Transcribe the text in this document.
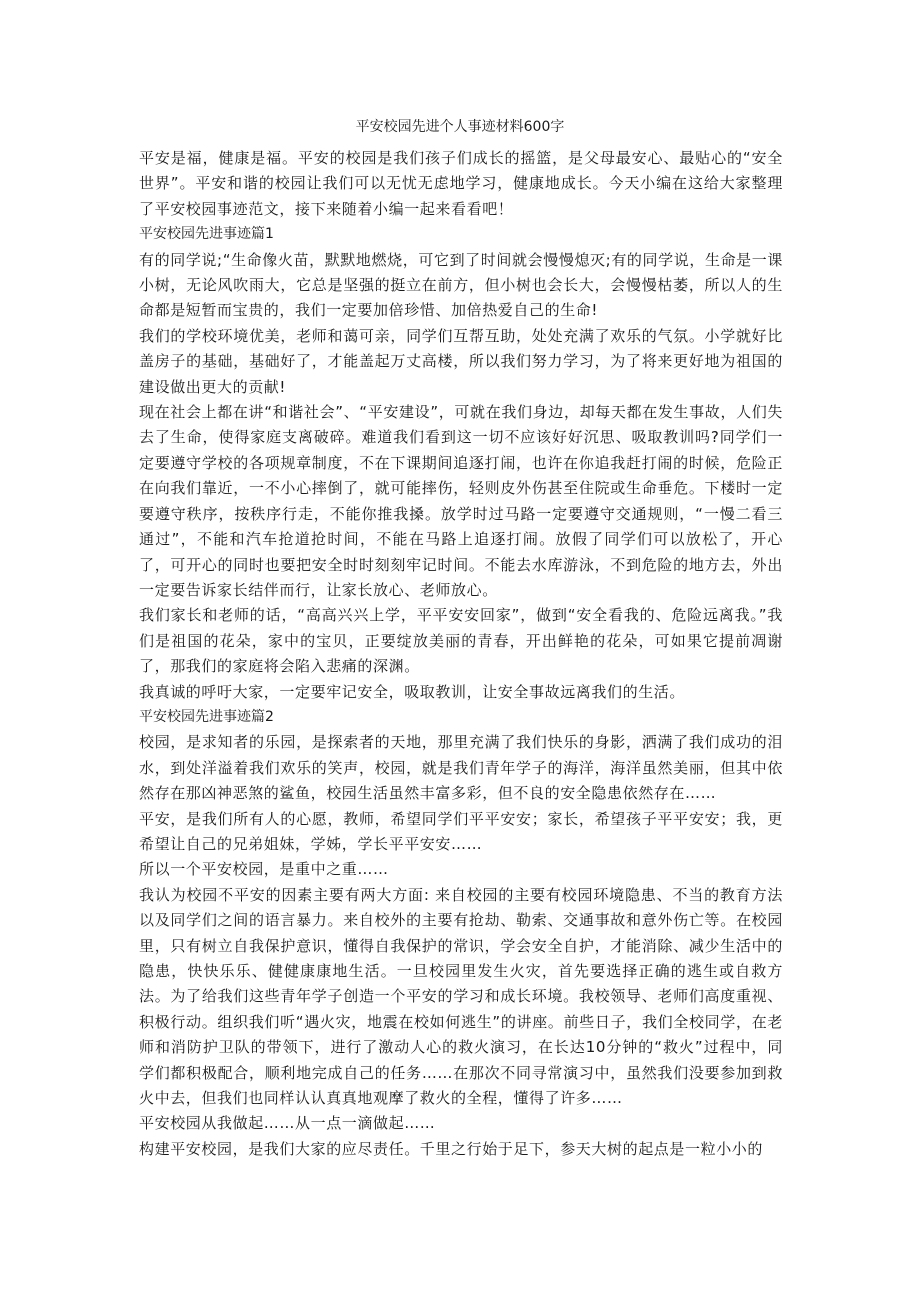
平安校园先进个人事迹材料600字

平安是福，健康是福。平安的校园是我们孩子们成长的摇篮，是父母最安心、最贴心的“安全世界”。平安和谐的校园让我们可以无忧无虑地学习，健康地成长。今天小编在这给大家整理了平安校园事迹范文，接下来随着小编一起来看看吧！

平安校园先进事迹篇1

有的同学说;“生命像火苗，默默地燃烧，可它到了时间就会慢慢熄灭;有的同学说，生命是一课小树，无论风吹雨大，它总是坚强的挺立在前方，但小树也会长大，会慢慢枯萎，所以人的生命都是短暂而宝贵的，我们一定要加倍珍惜、加倍热爱自己的生命!

我们的学校环境优美，老师和蔼可亲，同学们互帮互助，处处充满了欢乐的气氛。小学就好比盖房子的基础，基础好了，才能盖起万丈高楼，所以我们努力学习，为了将来更好地为祖国的建设做出更大的贡献!

现在社会上都在讲“和谐社会”、“平安建设”，可就在我们身边，却每天都在发生事故，人们失去了生命，使得家庭支离破碎。难道我们看到这一切不应该好好沉思、吸取教训吗?同学们一定要遵守学校的各项规章制度，不在下课期间追逐打闹，也许在你追我赶打闹的时候，危险正在向我们靠近，一不小心摔倒了，就可能摔伤，轻则皮外伤甚至住院或生命垂危。下楼时一定要遵守秩序，按秩序行走，不能你推我搡。放学时过马路一定要遵守交通规则，“一慢二看三通过”，不能和汽车抢道抢时间，不能在马路上追逐打闹。放假了同学们可以放松了，开心了，可开心的同时也要把安全时时刻刻牢记时间。不能去水库游泳，不到危险的地方去，外出一定要告诉家长结伴而行，让家长放心、老师放心。

我们家长和老师的话，“高高兴兴上学，平平安安回家”，做到“安全看我的、危险远离我。”我们是祖国的花朵，家中的宝贝，正要绽放美丽的青春，开出鲜艳的花朵，可如果它提前凋谢了，那我们的家庭将会陷入悲痛的深渊。

我真诚的呼吁大家，一定要牢记安全，吸取教训，让安全事故远离我们的生活。

平安校园先进事迹篇2

校园，是求知者的乐园，是探索者的天地，那里充满了我们快乐的身影，洒满了我们成功的泪水，到处洋溢着我们欢乐的笑声，校园，就是我们青年学子的海洋，海洋虽然美丽，但其中依然存在那凶神恶煞的鲨鱼，校园生活虽然丰富多彩，但不良的安全隐患依然存在……

平安，是我们所有人的心愿，教师，希望同学们平平安安；家长，希望孩子平平安安；我，更希望让自己的兄弟姐妹，学姊，学长平平安安……

所以一个平安校园，是重中之重……

我认为校园不平安的因素主要有两大方面: 来自校园的主要有校园环境隐患、不当的教育方法以及同学们之间的语言暴力。来自校外的主要有抢劫、勒索、交通事故和意外伤亡等。在校园里，只有树立自我保护意识，懂得自我保护的常识，学会安全自护，才能消除、减少生活中的隐患，快快乐乐、健健康康地生活。一旦校园里发生火灾，首先要选择正确的逃生或自救方法。为了给我们这些青年学子创造一个平安的学习和成长环境。我校领导、老师们高度重视、积极行动。组织我们听“遇火灾，地震在校如何逃生”的讲座。前些日子，我们全校同学，在老师和消防护卫队的带领下，进行了激动人心的救火演习，在长达10分钟的“救火”过程中，同学们都积极配合，顺利地完成自己的任务……在那次不同寻常演习中，虽然我们没要参加到救火中去，但我们也同样认认真真地观摩了救火的全程，懂得了许多……

平安校园从我做起……从一点一滴做起……

构建平安校园，是我们大家的应尽责任。千里之行始于足下，参天大树的起点是一粒小小的
